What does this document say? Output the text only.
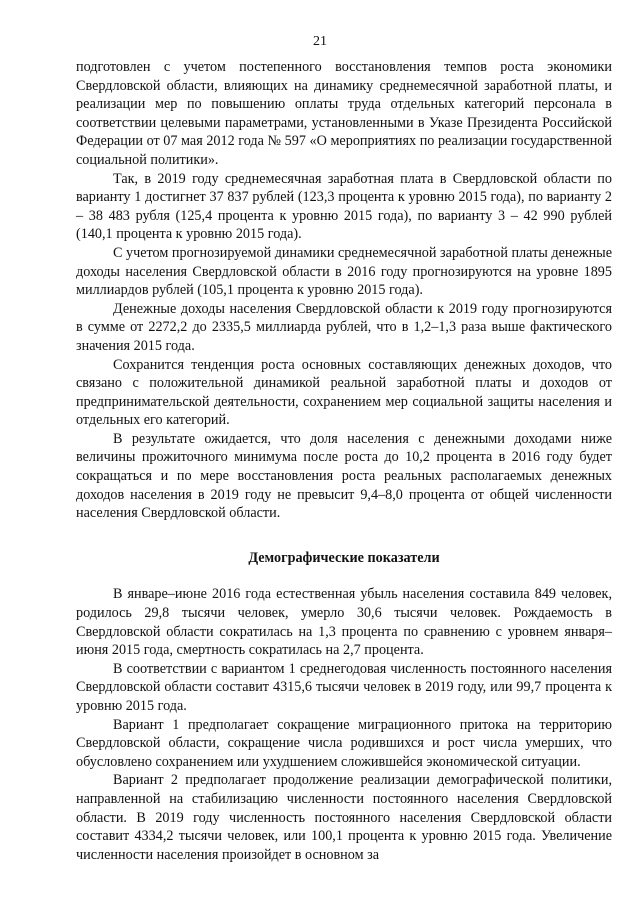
21

подготовлен с учетом постепенного восстановления темпов роста экономики Свердловской области, влияющих на динамику среднемесячной заработной платы, и реализации мер по повышению оплаты труда отдельных категорий персонала в соответствии целевыми параметрами, установленными в Указе Президента Российской Федерации от 07 мая 2012 года № 597 «О мероприятиях по реализации государственной социальной политики».

Так, в 2019 году среднемесячная заработная плата в Свердловской области по варианту 1 достигнет 37 837 рублей (123,3 процента к уровню 2015 года), по варианту 2 – 38 483 рубля (125,4 процента к уровню 2015 года), по варианту 3 – 42 990 рублей (140,1 процента к уровню 2015 года).

С учетом прогнозируемой динамики среднемесячной заработной платы денежные доходы населения Свердловской области в 2016 году прогнозируются на уровне 1895 миллиардов рублей (105,1 процента к уровню 2015 года).

Денежные доходы населения Свердловской области к 2019 году прогнозируются в сумме от 2272,2 до 2335,5 миллиарда рублей, что в 1,2–1,3 раза выше фактического значения 2015 года.

Сохранится тенденция роста основных составляющих денежных доходов, что связано с положительной динамикой реальной заработной платы и доходов от предпринимательской деятельности, сохранением мер социальной защиты населения и отдельных его категорий.

В результате ожидается, что доля населения с денежными доходами ниже величины прожиточного минимума после роста до 10,2 процента в 2016 году будет сокращаться и по мере восстановления роста реальных располагаемых денежных доходов населения в 2019 году не превысит 9,4–8,0 процента от общей численности населения Свердловской области.

Демографические показатели

В январе–июне 2016 года естественная убыль населения составила 849 человек, родилось 29,8 тысячи человек, умерло 30,6 тысячи человек. Рождаемость в Свердловской области сократилась на 1,3 процента по сравнению с уровнем января–июня 2015 года, смертность сократилась на 2,7 процента.

В соответствии с вариантом 1 среднегодовая численность постоянного населения Свердловской области составит 4315,6 тысячи человек в 2019 году, или 99,7 процента к уровню 2015 года.

Вариант 1 предполагает сокращение миграционного притока на территорию Свердловской области, сокращение числа родившихся и рост числа умерших, что обусловлено сохранением или ухудшением сложившейся экономической ситуации.

Вариант 2 предполагает продолжение реализации демографической политики, направленной на стабилизацию численности постоянного населения Свердловской области. В 2019 году численность постоянного населения Свердловской области составит 4334,2 тысячи человек, или 100,1 процента к уровню 2015 года. Увеличение численности населения произойдет в основном за
